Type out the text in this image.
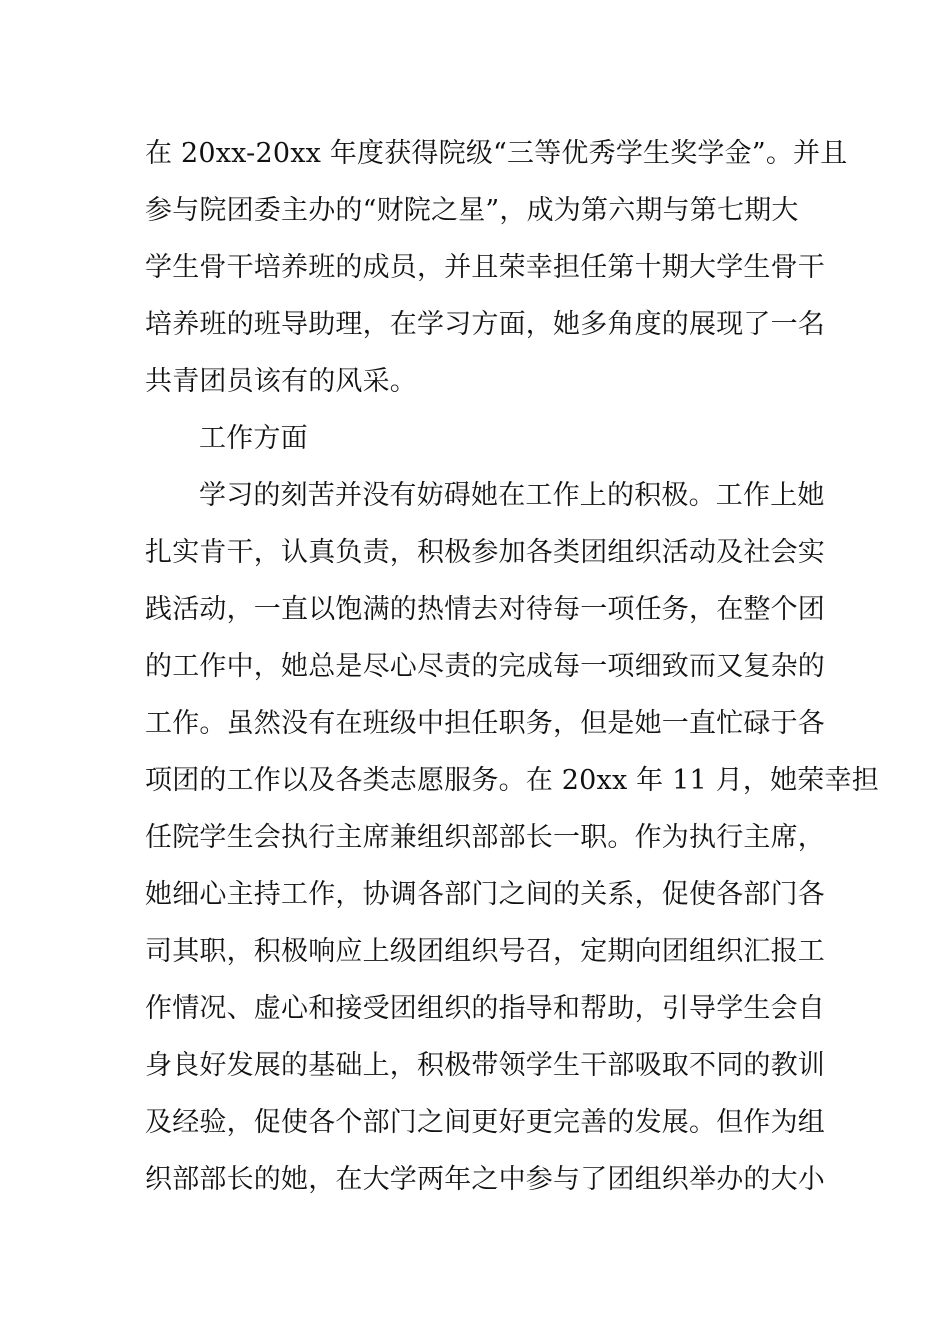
在 20xx-20xx 年度获得院级“三等优秀学生奖学金”。并且
参与院团委主办的“财院之星”，成为第六期与第七期大
学生骨干培养班的成员，并且荣幸担任第十期大学生骨干
培养班的班导助理，在学习方面，她多角度的展现了一名
共青团员该有的风采。
工作方面
学习的刻苦并没有妨碍她在工作上的积极。工作上她
扎实肯干，认真负责，积极参加各类团组织活动及社会实
践活动，一直以饱满的热情去对待每一项任务，在整个团
的工作中，她总是尽心尽责的完成每一项细致而又复杂的
工作。虽然没有在班级中担任职务，但是她一直忙碌于各
项团的工作以及各类志愿服务。在 20xx 年 11 月，她荣幸担
任院学生会执行主席兼组织部部长一职。作为执行主席，
她细心主持工作，协调各部门之间的关系，促使各部门各
司其职，积极响应上级团组织号召，定期向团组织汇报工
作情况、虚心和接受团组织的指导和帮助，引导学生会自
身良好发展的基础上，积极带领学生干部吸取不同的教训
及经验，促使各个部门之间更好更完善的发展。但作为组
织部部长的她，在大学两年之中参与了团组织举办的大小
